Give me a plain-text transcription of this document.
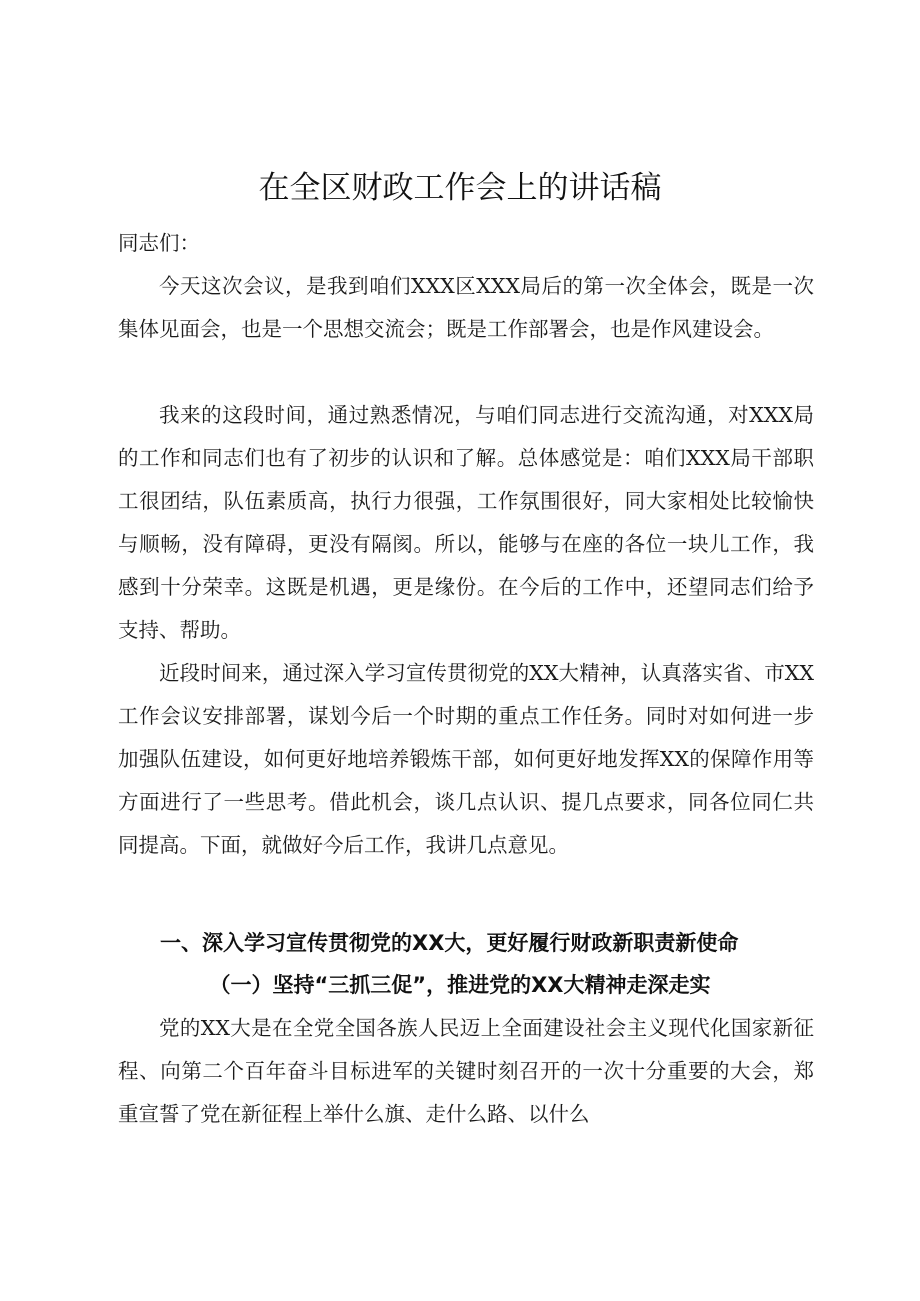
在全区财政工作会上的讲话稿

同志们：

今天这次会议，是我到咱们XXX区XXX局后的第一次全体会，既是一次集体见面会，也是一个思想交流会；既是工作部署会，也是作风建设会。

我来的这段时间，通过熟悉情况，与咱们同志进行交流沟通，对XXX局的工作和同志们也有了初步的认识和了解。总体感觉是：咱们XXX局干部职工很团结，队伍素质高，执行力很强，工作氛围很好，同大家相处比较愉快与顺畅，没有障碍，更没有隔阂。所以，能够与在座的各位一块儿工作，我感到十分荣幸。这既是机遇，更是缘份。在今后的工作中，还望同志们给予支持、帮助。

近段时间来，通过深入学习宣传贯彻党的XX大精神，认真落实省、市XX工作会议安排部署，谋划今后一个时期的重点工作任务。同时对如何进一步加强队伍建设，如何更好地培养锻炼干部，如何更好地发挥XX的保障作用等方面进行了一些思考。借此机会，谈几点认识、提几点要求，同各位同仁共同提高。下面，就做好今后工作，我讲几点意见。

一、深入学习宣传贯彻党的XX大，更好履行财政新职责新使命
（一）坚持“三抓三促”，推进党的XX大精神走深走实

党的XX大是在全党全国各族人民迈上全面建设社会主义现代化国家新征程、向第二个百年奋斗目标进军的关键时刻召开的一次十分重要的大会，郑重宣誓了党在新征程上举什么旗、走什么路、以什么
